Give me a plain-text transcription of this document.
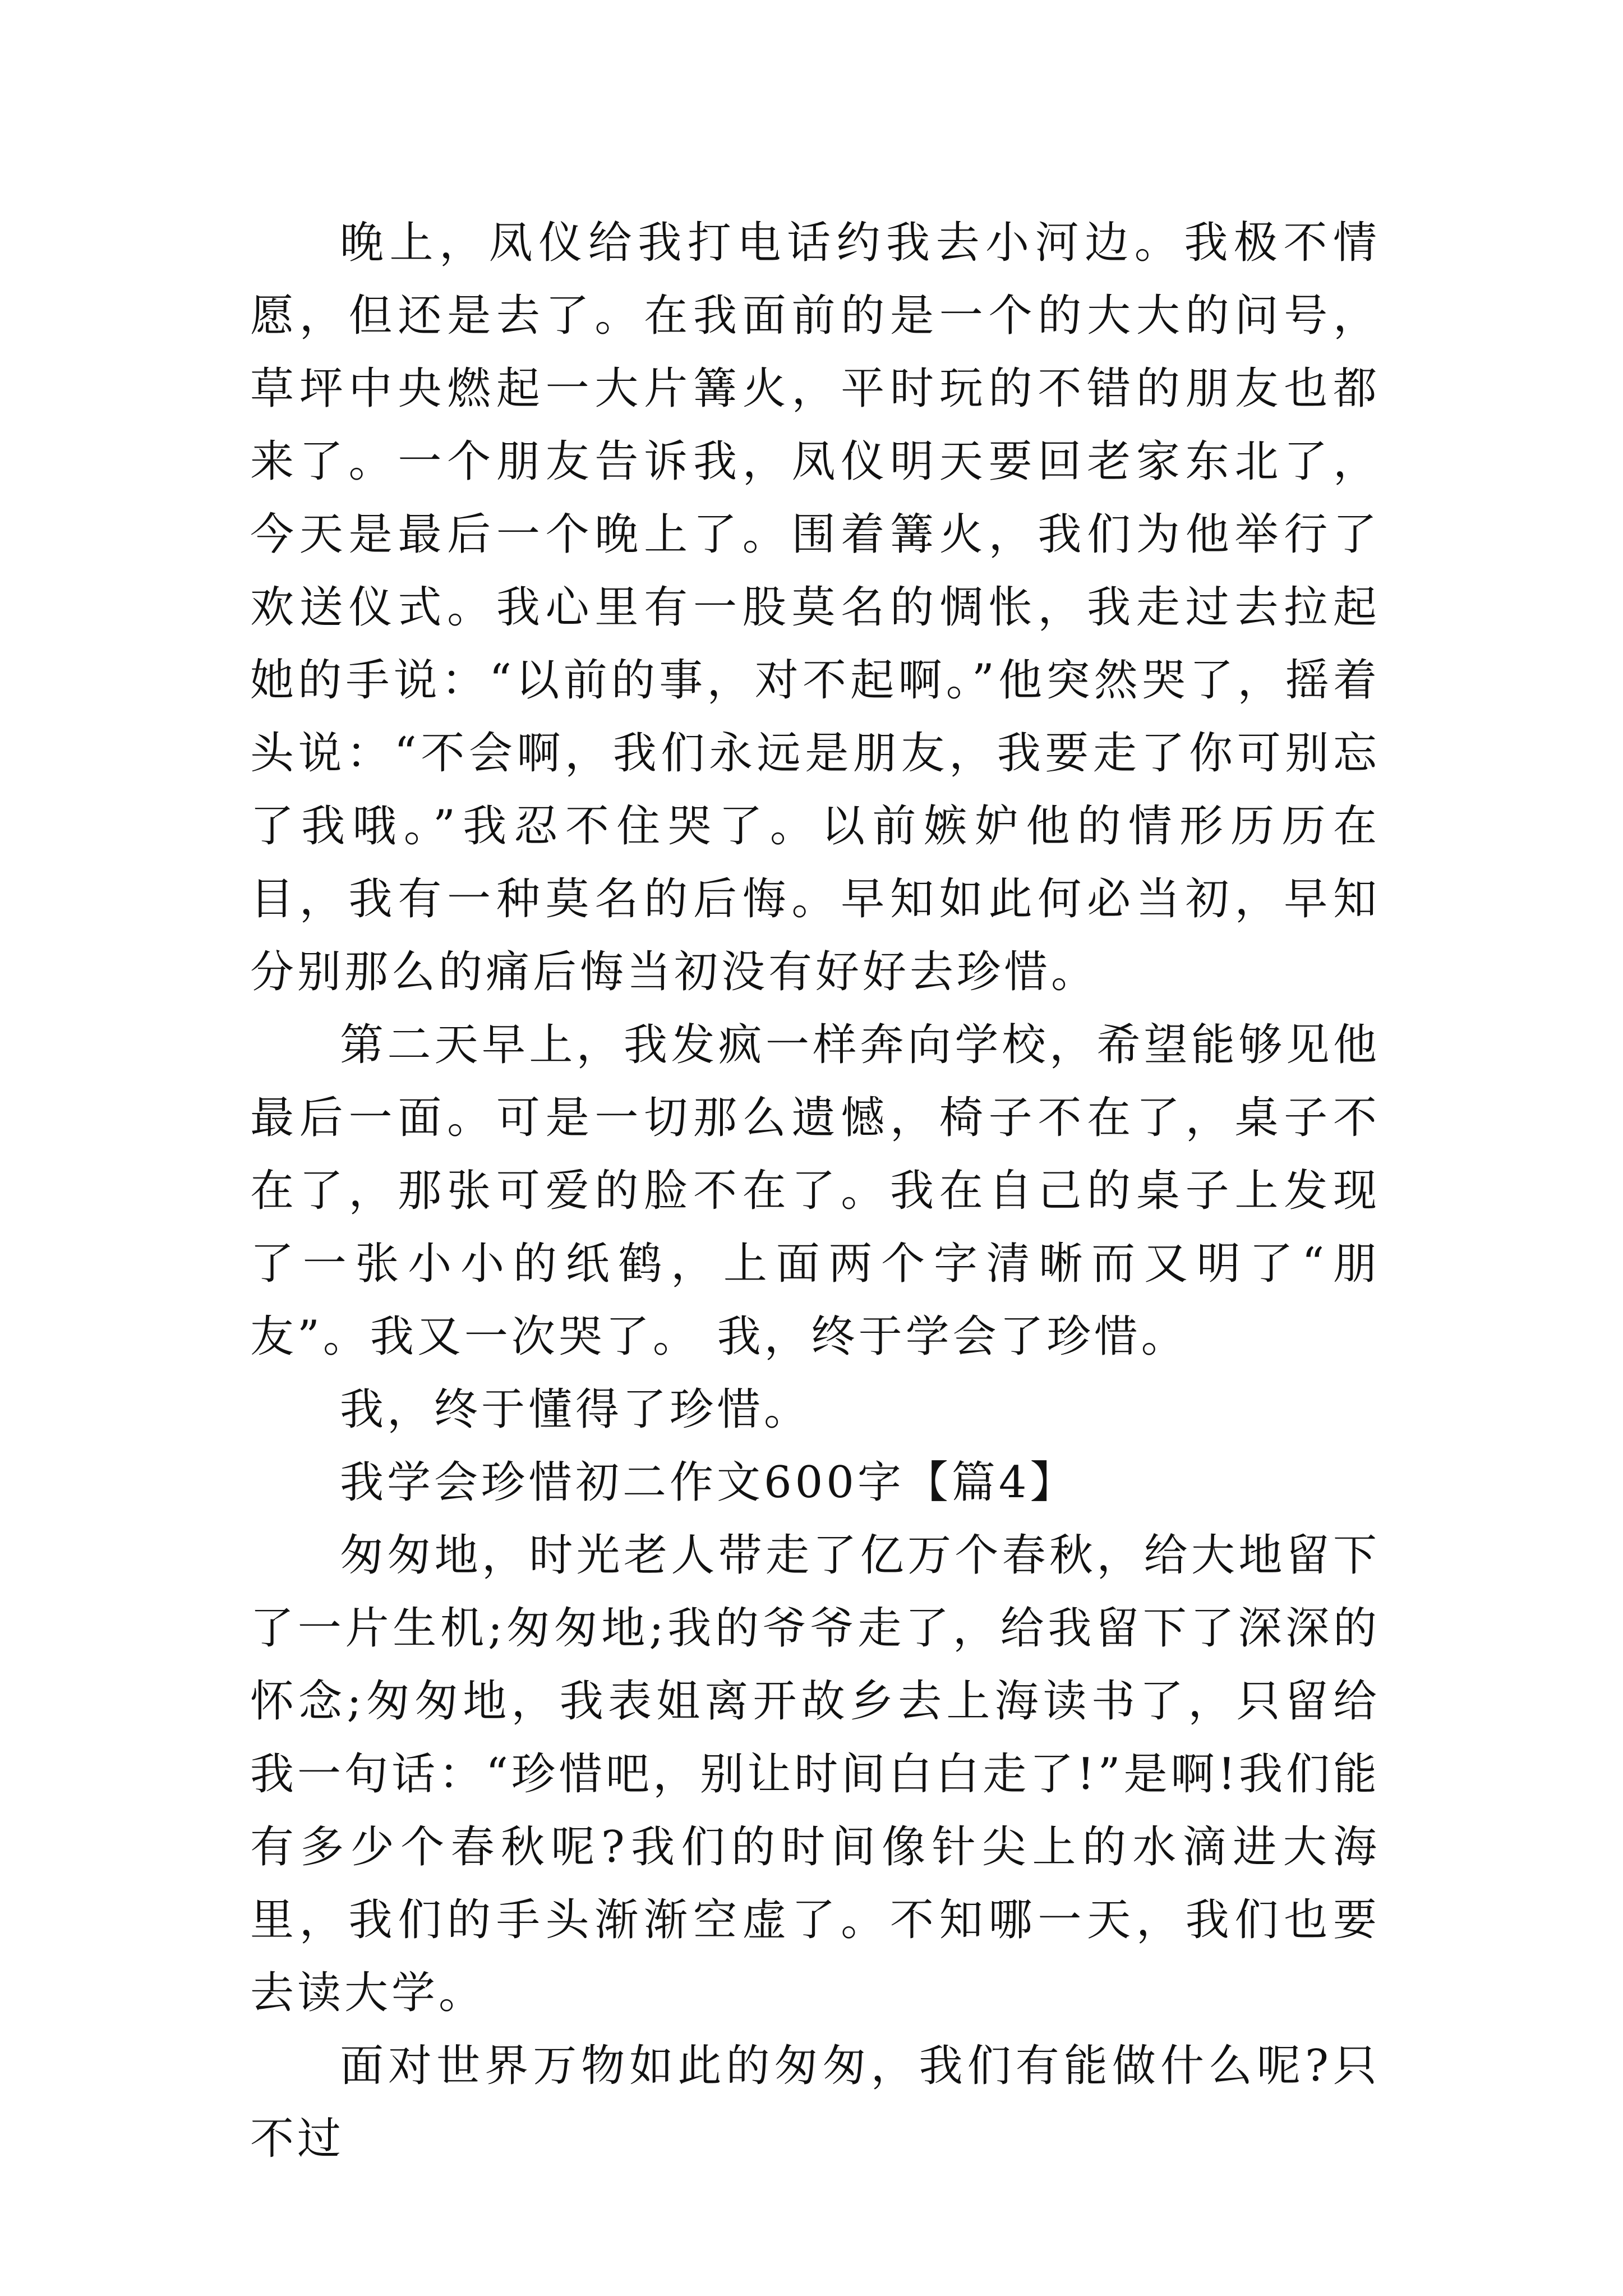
晚上，凤仪给我打电话约我去小河边。我极不情愿，但还是去了。在我面前的是一个的大大的问号，草坪中央燃起一大片篝火，平时玩的不错的朋友也都来了。一个朋友告诉我，凤仪明天要回老家东北了，今天是最后一个晚上了。围着篝火，我们为他举行了欢送仪式。我心里有一股莫名的惆怅，我走过去拉起她的手说：“以前的事，对不起啊。”他突然哭了，摇着头说：“不会啊，我们永远是朋友，我要走了你可别忘了我哦。”我忍不住哭了。以前嫉妒他的情形历历在目，我有一种莫名的后悔。早知如此何必当初，早知分别那么的痛后悔当初没有好好去珍惜。

第二天早上，我发疯一样奔向学校，希望能够见他最后一面。可是一切那么遗憾，椅子不在了，桌子不在了，那张可爱的脸不在了。我在自己的桌子上发现了一张小小的纸鹤，上面两个字清晰而又明了“朋友”。我又一次哭了。 我，终于学会了珍惜。

我，终于懂得了珍惜。

我学会珍惜初二作文600字【篇4】

匆匆地，时光老人带走了亿万个春秋，给大地留下了一片生机;匆匆地;我的爷爷走了，给我留下了深深的怀念;匆匆地，我表姐离开故乡去上海读书了，只留给我一句话：“珍惜吧，别让时间白白走了!”是啊!我们能有多少个春秋呢?我们的时间像针尖上的水滴进大海里，我们的手头渐渐空虚了。不知哪一天，我们也要去读大学。

面对世界万物如此的匆匆，我们有能做什么呢?只不过
